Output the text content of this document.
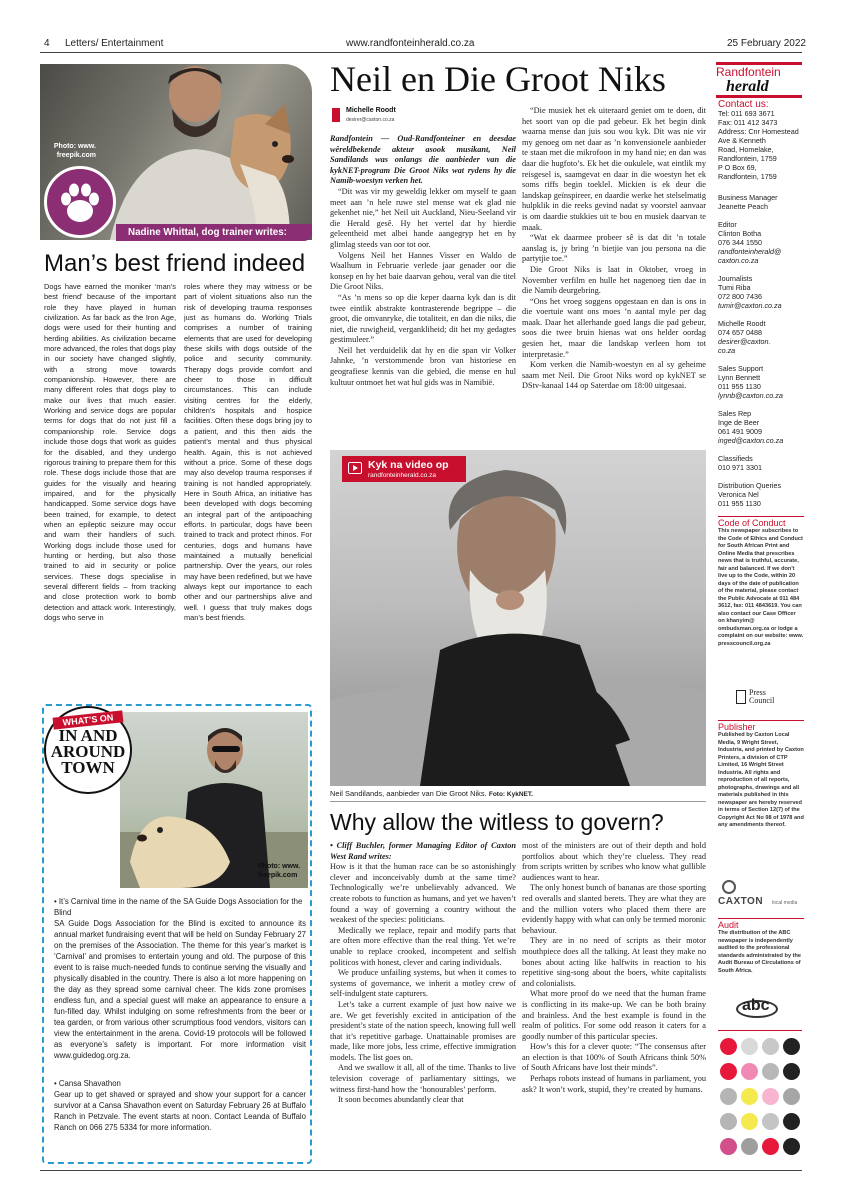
4 Letters/ Entertainment	www.randfonteinherald.co.za	25 February 2022
Photo: www. freepik.com
Nadine Whittal, dog trainer writes:
Man’s best friend indeed
Dogs have earned the moniker ‘man’s best friend’ because of the important role they have played in human civilization. As far back as the Iron Age, dogs were used for their hunting and herding abilities. As civilization became more advanced, the roles that dogs play in our society have changed slightly, with a strong move towards companionship. However, there are many different roles that dogs play to make our lives that much easier. Working and service dogs are popular terms for dogs that do not just fill a companionship role. Service dogs include those dogs that work as guides for the disabled, and they undergo rigorous training to prepare them for this role. These dogs include those that are guides for the visually and hearing impaired, and for the physically handicapped. Some service dogs have been trained, for example, to detect when an epileptic seizure may occur and warn their handlers of such. Working dogs include those used for hunting or herding, but also those trained to aid in security or police services. These dogs specialise in several different fields – from tracking and close protection work to bomb detection and attack work. Interestingly, dogs who serve in
roles where they may witness or be part of violent situations also run the risk of developing trauma responses just as humans do. Working Trials comprises a number of training elements that are used for developing these skills with dogs outside of the police and security community. Therapy dogs provide comfort and cheer to those in difficult circumstances. This can include visiting centres for the elderly, children’s hospitals and hospice facilities. Often these dogs bring joy to a patient, and this then aids the patient’s mental and thus physical health. Again, this is not achieved without a price. Some of these dogs may also develop trauma responses if training is not handled appropriately. Here in South Africa, an initiative has been developed with dogs becoming an integral part of the antipoaching efforts. In particular, dogs have been trained to track and protect rhinos. For centuries, dogs and humans have maintained a mutually beneficial partnership. Over the years, our roles may have been redefined, but we have always kept our importance to each other and our partnerships alive and well. I guess that truly makes dogs man’s best friends.
Photo: www. freepik.com
WHAT’S ON
IN AND
AROUND
TOWN
• It’s Carnival time in the name of the SA Guide Dogs Association for the Blind
SA Guide Dogs Association for the Blind is excited to announce its annual market fundraising event that will be held on Sunday February 27 on the premises of the Association. The theme for this year’s market is ‘Carnival’ and promises to entertain young and old. The purpose of this event to is raise much-needed funds to continue serving the visually and physically disabled in the country. There is also a lot more happening on the day as they spread some carnival cheer. The kids zone promises endless fun, and a special guest will make an appearance to ensure a fun-filled day. Whilst indulging on some refreshments from the beer or tea garden, or from various other scrumptious food vendors, visitors can view the entertainment in the arena. Covid-19 protocols will be followed as everyone’s safety is important. For more information visit www.guidedog.org.za.
• Cansa Shavathon
Gear up to get shaved or sprayed and show your support for a cancer survivor at a Cansa Shavathon event on Saturday February 26 at Buffalo Ranch in Petzvale. The event starts at noon. Contact Leanda of Buffalo Ranch on 066 275 5334 for more information.
Neil en Die Groot Niks
Michelle Roodt
desirer@caxton.co.za

Randfontein — Oud-Randfonteiner en deesdae wêreldbekende akteur asook musikant, Neil Sandilands was onlangs die aanbieder van die kykNET-program Die Groot Niks wat rydens hy die Namib-woestyn verken het.

“Dit was vir my geweldig lekker om myself te gaan meet aan ’n hele ruwe stel mense wat ek glad nie gekenhet nie,” het Neil uit Auckland, Nieu-Seeland vir die Herald gesê. Hy het vertel dat hy hierdie geleentheid met albei hande aangegryp het en hy glimlag steeds van oor tot oor.

Volgens Neil het Hannes Visser en Waldo de Waalhum in Februarie verlede jaar genader oor die konsep en hy het baie daarvan gehou, veral van die titel Die Groot Niks.

“As ’n mens so op die keper daarna kyk dan is dit twee eintlik abstrakte kontrasterende begrippe – die groot, die omvanryke, die totaliteit, en dan die niks, die niet, die ruwigheid, vergankliheid; dit het my gedagtes gestimuleer.”

Neil het verduidelik dat hy en die span vir Volker Jahnke, ’n verstommende bron van historiese en geografiese kennis van die gebied, die mense en hul kultuur ontmoet het wat hul gids was in Namibië.

“Die musiek het ek uiteraard geniet om te doen, dit het soort van op die pad gebeur. Ek het begin dink waarna mense dan juis sou wou kyk. Dit was nie vir my genoeg om net daar as ’n konvensionele aanbieder te staan met die mikrofoon in my hand nie; en dan was daar die hugfoto’s. Ek het die oukulele, wat eintlik my reisgesel is, saamgevat en daar in die woestyn het ek soms riffs begin toeklel. Mickien is ek deur die landskap geïnspireer, en daardie werke het stelselmatig hulpklik in die reeks gevind nadat sy voorstel aanvaar is om daardie stukkies uit te bou en musiek daarvan te maak.

“Wat ek daarmee probeer sê is dat dit ’n totale aanslag is, jy bring ’n bietjie van jou persona na die partytjie toe.”

Die Groot Niks is laat in Oktober, vroeg in November verfilm en hulle het nagenoeg tien dae in die Namib deurgebring.

“Ons het vroeg soggens opgestaan en dan is ons in die voertuie want ons moes ’n aantal myle per dag maak. Daar het allerhande goed langs die pad gebeur, soos die twee bruin hienas wat ons helder oordag gesien het, maar die landskap verleen hom tot interpretasie.”

Kom verken die Namib-woestyn en al sy geheime saam met Neil. Die Groot Niks word op kykNET se DStv-kanaal 144 op Saterdae om 18:00 uitgesaai.

Kyk na video op
randfonteinherald.co.za
Neil Sandilands, aanbieder van Die Groot Niks. Foto: KykNET.
Why allow the witless to govern?

• Cliff Buchler, former Managing Editor of Caxton West Rand writes:

How is it that the human race can be so astonishingly clever and inconceivably dumb at the same time? Technologically we’re unbelievably advanced. We create robots to function as humans, and yet we haven’t found a way of governing a country without the weakest of the species: politicians.

Medically we replace, repair and modify parts that are often more effective than the real thing. Yet we’re unable to replace crooked, incompetent and selfish politicos with honest, clever and caring individuals.

We produce unfailing systems, but when it comes to systems of governance, we inherit a motley crew of self-indulgent state capturers.

Let’s take a current example of just how naive we are. We get feverishly excited in anticipation of the president’s state of the nation speech, knowing full well that it’s repetitive garbage. Unattainable promises are made, like more jobs, less crime, effective immigration models. The list goes on.

And we swallow it all, all of the time. Thanks to live television coverage of parliamentary sittings, we witness first-hand how the ‘honourables’ perform.

It soon becomes abundantly clear that

most of the ministers are out of their depth and hold portfolios about which they’re clueless. They read from scripts written by scribes who know what gullible audiences want to hear.

The only honest bunch of bananas are those sporting red overalls and slanted berets. They are what they are and the million voters who placed them there are evidently happy with what can only be termed moronic behaviour.

They are in no need of scripts as their motor mouthpiece does all the talking. At least they make no bones about acting like halfwits in reaction to his repetitive sing-song about the boers, white capitalists and colonialists.

What more proof do we need that the human frame is conflicting in its make-up. We can be both brainy and brainless. And the best example is found in the realm of politics. For some odd reason it caters for a goodly number of this particular species.

How’s this for a clever quote: “The consensus after an election is that 100% of South Africans think 50% of South Africans have lost their minds”.

Perhaps robots instead of humans in parliament, you ask? It won’t work, stupid, they’re created by humans.

Randfontein
herald
Contact us:
Tel: 011 693 3671
Fax: 011 412 3473
Address: Cnr Homestead
Ave & Kenneth
Road, Homelake,
Randfontein, 1759
P O Box 69,
Randfontein, 1759
Business Manager
Jeanette Peach
Editor
Clinton Botha
076 344 1550
randfonteinherald@
caxton.co.za
Journalists
Tumi Riba
072 800 7436
tumir@caxton.co.za
Michelle Roodt
074 657 0488
desirer@caxton.
co.za
Sales Support
Lynn Bennett
011 955 1130
lynnb@caxton.co.za
Sales Rep
Inge de Beer
061 491 9009
inged@caxton.co.za
Classifieds
010 971 3301
Distribution Queries
Veronica Nel
011 955 1130
Code of Conduct
This newspaper subscribes to the Code of Ethics and Conduct for South African Print and Online Media that prescribes news that is truthful, accurate, fair and balanced. If we don't live up to the Code, within 20 days of the date of publication of the material, please contact the Public Advocate at 011 484 3612, fax: 011 4843619. You can also contact our Case Officer on khanyim@ ombudsman.org.za or lodge a complaint on our website: www. presscouncil.org.za
Press Council
Publisher
Published by Caxton Local Media, 9 Wright Street, Industria, and printed by Caxton Printers, a division of CTP Limited, 16 Wright Street Industria. All rights and reproduction of all reports, photographs, drawings and all materials published in this newspaper are hereby reserved in terms of Section 12(7) of the Copyright Act No 98 of 1978 and any amendments thereof.
CAXTON local media
Audit
The distribution of the ABC newspaper is independently audited to the professional standards administrated by the Audit Bureau of Circulations of South Africa.
abc
